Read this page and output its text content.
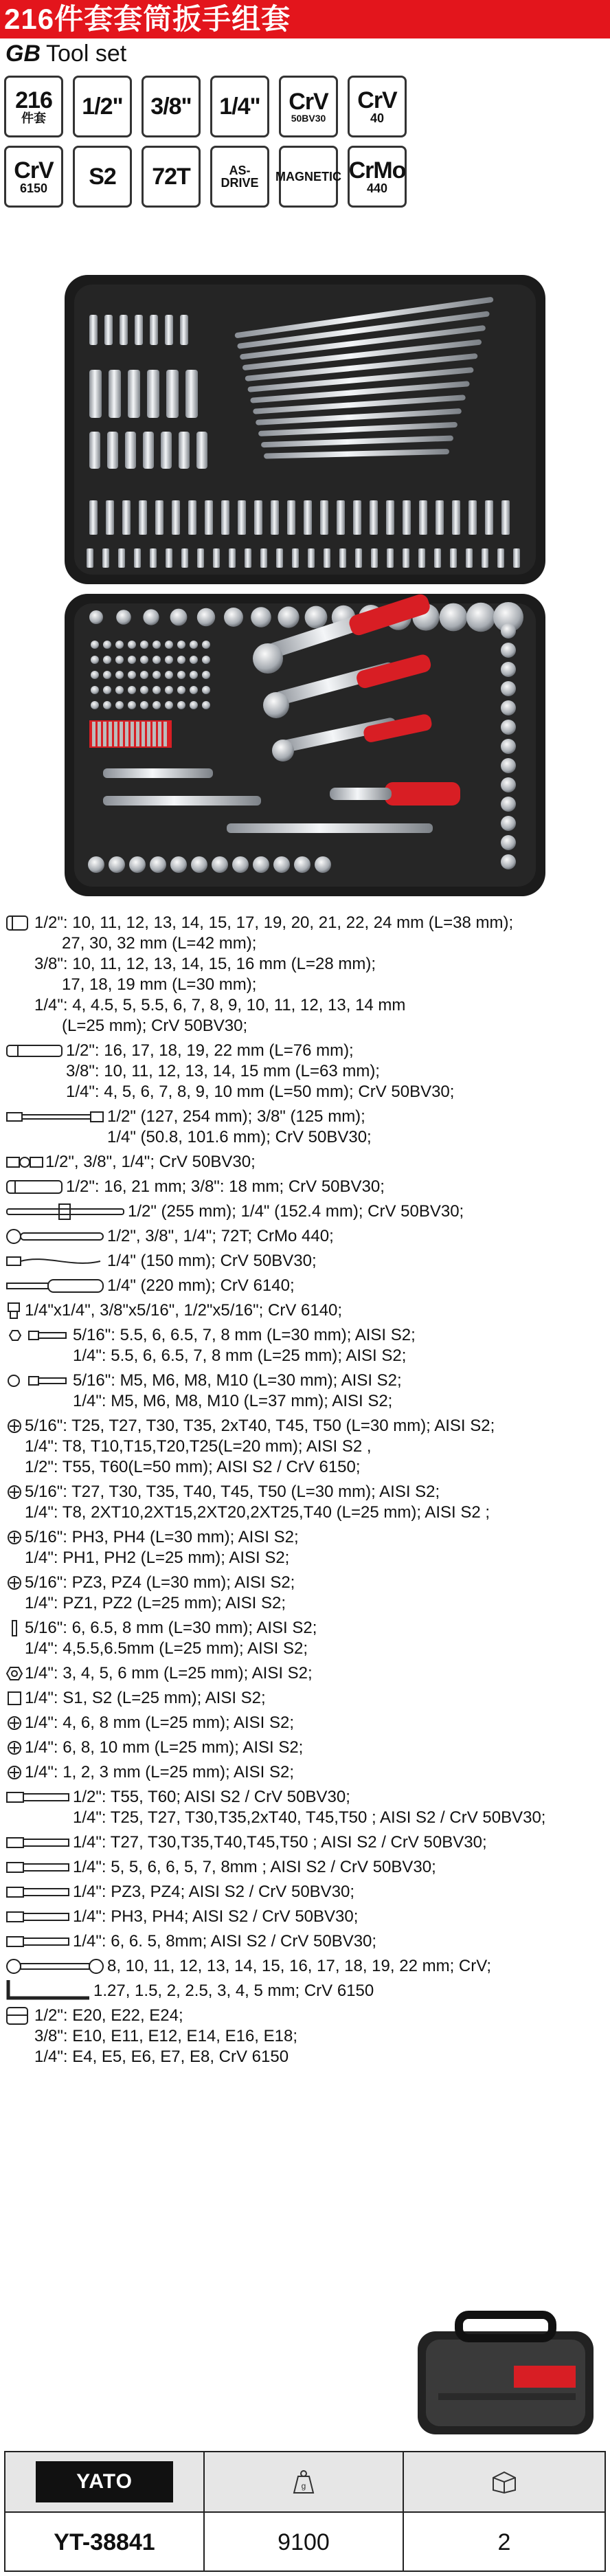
216件套套筒扳手组套
GB Tool set
216
件套 1/2" 3/8" 1/4" CrV
50BV30
CrV
40
CrV
6150 S2 72T	AS-DRIVE	MAGNETIC CrMo
440
1/2": 10, 11, 12, 13, 14, 15, 17, 19, 20, 21, 22, 24 mm (L=38 mm);
27, 30, 32 mm (L=42 mm);
3/8": 10, 11, 12, 13, 14, 15, 16 mm (L=28 mm);
17, 18, 19 mm (L=30 mm);
1/4": 4, 4.5, 5, 5.5, 6, 7, 8, 9, 10, 11, 12, 13, 14 mm
(L=25 mm); CrV 50BV30;
1/2": 16, 17, 18, 19, 22 mm (L=76 mm);
3/8": 10, 11, 12, 13, 14, 15 mm (L=63 mm);
1/4": 4, 5, 6, 7, 8, 9, 10 mm (L=50 mm); CrV 50BV30;
1/2" (127, 254 mm); 3/8" (125 mm);
1/4" (50.8, 101.6 mm); CrV 50BV30;
1/2", 3/8", 1/4"; CrV 50BV30;
1/2": 16, 21 mm; 3/8": 18 mm; CrV 50BV30;
1/2" (255 mm); 1/4" (152.4 mm); CrV 50BV30;
1/2", 3/8", 1/4"; 72T; CrMo 440;
1/4" (150 mm); CrV 50BV30;
1/4" (220 mm); CrV 6140;
1/4"x1/4", 3/8"x5/16", 1/2"x5/16"; CrV 6140;
5/16": 5.5, 6, 6.5, 7, 8 mm (L=30 mm); AISI S2;
1/4": 5.5, 6, 6.5, 7, 8 mm (L=25 mm); AISI S2;
5/16": M5, M6, M8, M10 (L=30 mm); AISI S2;
1/4": M5, M6, M8, M10 (L=37 mm); AISI S2;
5/16": T25, T27, T30, T35, 2xT40, T45, T50 (L=30 mm); AISI S2;
1/4": T8, T10,T15,T20,T25(L=20 mm); AISI S2 ,
1/2": T55, T60(L=50 mm); AISI S2 / CrV 6150;
5/16": T27, T30, T35, T40, T45, T50 (L=30 mm); AISI S2;
1/4": T8, 2XT10,2XT15,2XT20,2XT25,T40 (L=25 mm); AISI S2 ;
5/16": PH3, PH4 (L=30 mm); AISI S2;
1/4": PH1, PH2 (L=25 mm); AISI S2;
5/16": PZ3, PZ4 (L=30 mm); AISI S2;
1/4": PZ1, PZ2 (L=25 mm); AISI S2;
5/16": 6, 6.5, 8 mm (L=30 mm); AISI S2;
1/4": 4,5.5,6.5mm (L=25 mm); AISI S2;
1/4": 3, 4, 5, 6 mm (L=25 mm); AISI S2;
1/4": S1, S2 (L=25 mm); AISI S2;
1/4": 4, 6, 8 mm (L=25 mm); AISI S2;
1/4": 6, 8, 10 mm (L=25 mm); AISI S2;
1/4": 1, 2, 3 mm (L=25 mm); AISI S2;
1/2": T55, T60; AISI S2 / CrV 50BV30;
1/4": T25, T27, T30,T35,2xT40, T45,T50 ; AISI S2 / CrV 50BV30;
1/4": T27, T30,T35,T40,T45,T50 ; AISI S2 / CrV 50BV30;
1/4": 5, 5, 6, 6, 5, 7, 8mm ; AISI S2 / CrV 50BV30;
1/4": PZ3, PZ4; AISI S2 / CrV 50BV30;
1/4": PH3, PH4; AISI S2 / CrV 50BV30;
1/4": 6, 6. 5, 8mm; AISI S2 / CrV 50BV30;
8, 10, 11, 12, 13, 14, 15, 16, 17, 18, 19, 22 mm; CrV;
1.27, 1.5, 2, 2.5, 3, 4, 5 mm; CrV 6150
1/2": E20, E22, E24;
3/8": E10, E11, E12, E14, E16, E18;
1/4": E4, E5, E6, E7, E8, CrV 6150
YATO	g
YT-38841	9100	2
